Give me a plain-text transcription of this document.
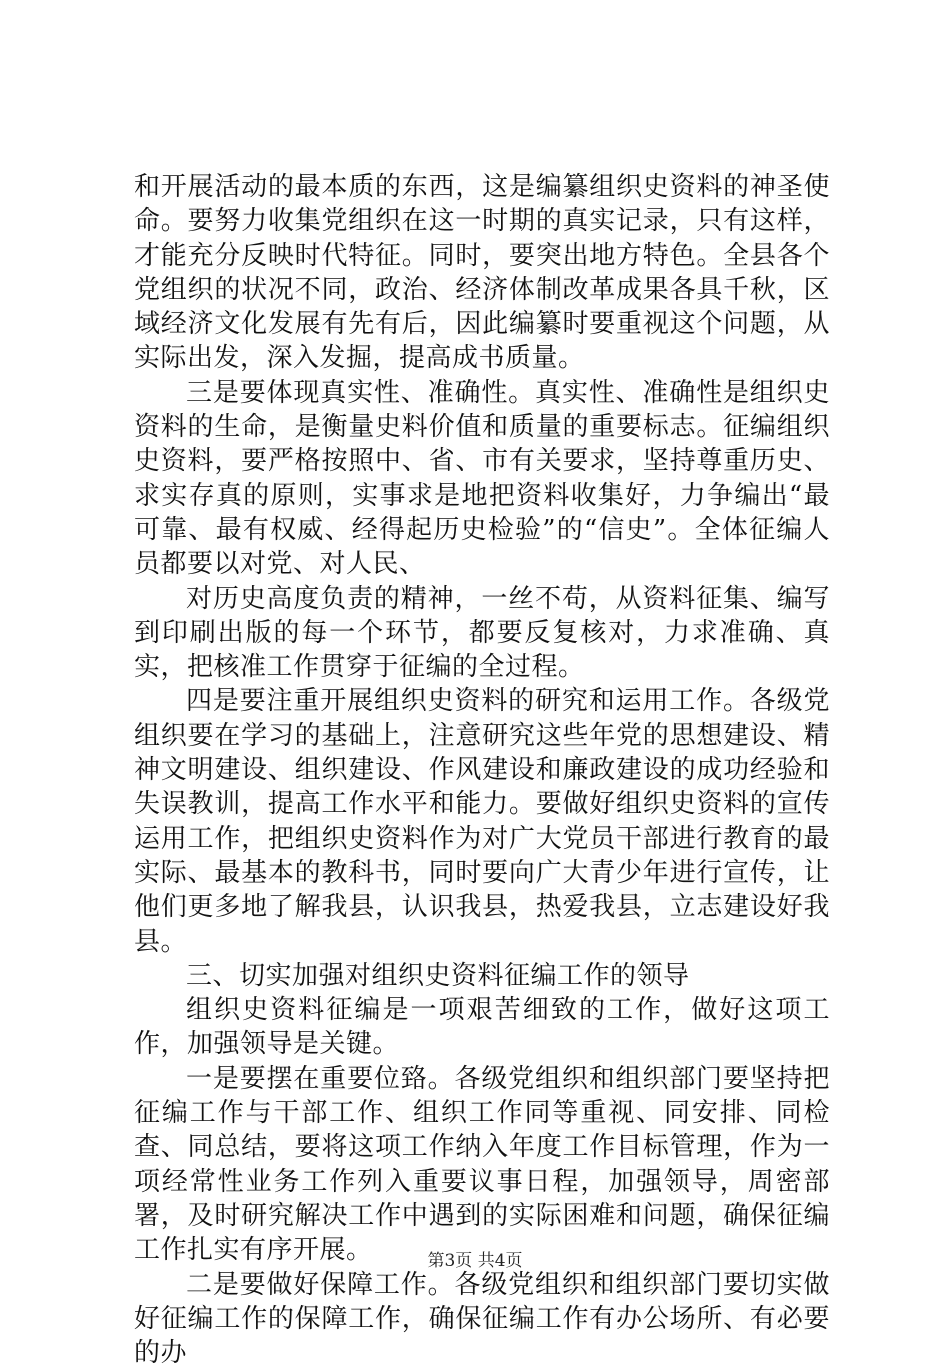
和开展活动的最本质的东西，这是编纂组织史资料的神圣使命。要努力收集党组织在这一时期的真实记录，只有这样，才能充分反映时代特征。同时，要突出地方特色。全县各个党组织的状况不同，政治、经济体制改革成果各具千秋，区域经济文化发展有先有后，因此编纂时要重视这个问题，从实际出发，深入发掘，提高成书质量。

三是要体现真实性、准确性。真实性、准确性是组织史资料的生命，是衡量史料价值和质量的重要标志。征编组织史资料，要严格按照中、省、市有关要求，坚持尊重历史、求实存真的原则，实事求是地把资料收集好，力争编出“最可靠、最有权威、经得起历史检验”的“信史”。全体征编人员都要以对党、对人民、

对历史高度负责的精神，一丝不苟，从资料征集、编写到印刷出版的每一个环节，都要反复核对，力求准确、真实，把核准工作贯穿于征编的全过程。

四是要注重开展组织史资料的研究和运用工作。各级党组织要在学习的基础上，注意研究这些年党的思想建设、精神文明建设、组织建设、作风建设和廉政建设的成功经验和失误教训，提高工作水平和能力。要做好组织史资料的宣传运用工作，把组织史资料作为对广大党员干部进行教育的最实际、最基本的教科书，同时要向广大青少年进行宣传，让他们更多地了解我县，认识我县，热爱我县，立志建设好我县。

三、切实加强对组织史资料征编工作的领导

组织史资料征编是一项艰苦细致的工作，做好这项工作，加强领导是关键。

一是要摆在重要位臵。各级党组织和组织部门要坚持把征编工作与干部工作、组织工作同等重视、同安排、同检查、同总结，要将这项工作纳入年度工作目标管理，作为一项经常性业务工作列入重要议事日程，加强领导，周密部署，及时研究解决工作中遇到的实际困难和问题，确保征编工作扎实有序开展。

二是要做好保障工作。各级党组织和组织部门要切实做好征编工作的保障工作，确保征编工作有办公场所、有必要的办

第3页 共4页
